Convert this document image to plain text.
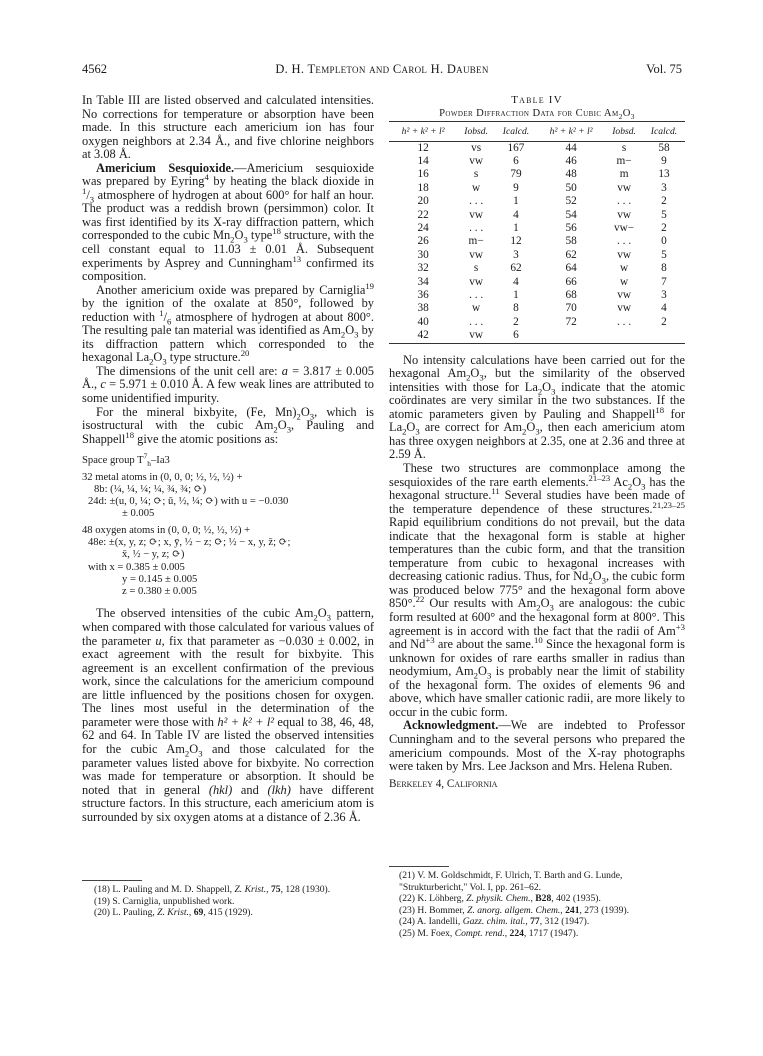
4562	D. H. Templeton and Carol H. Dauben	Vol. 75

In Table III are listed observed and calculated intensities. No corrections for temperature or absorption have been made. In this structure each americium ion has four oxygen neighbors at 2.34 Å., and five chlorine neighbors at 3.08 Å.

Americium Sesquioxide.—Americium sesquioxide was prepared by Eyring$^4$ by heating the black dioxide in $^1/_3$ atmosphere of hydrogen at about 600° for half an hour. The product was a reddish brown (persimmon) color. It was first identified by its X-ray diffraction pattern, which corresponded to the cubic $Mn_2O_3$ type$^{18}$ structure, with the cell constant equal to 11.03 ± 0.01 Å. Subsequent experiments by Asprey and Cunningham$^{13}$ confirmed its composition.

Another americium oxide was prepared by Carniglia$^{19}$ by the ignition of the oxalate at 850°, followed by reduction with $^1/_6$ atmosphere of hydrogen at about 800°. The resulting pale tan material was identified as $Am_2O_3$ by its diffraction pattern which corresponded to the hexagonal $La_2O_3$ type structure.$^{20}$

The dimensions of the unit cell are: a = 3.817 ± 0.005 Å., c = 5.971 ± 0.010 Å. A few weak lines are attributed to some unidentified impurity.

For the mineral bixbyite, (Fe, $Mn)_2O_3$, which is isostructural with the cubic $Am_2O_3$, Pauling and Shappell$^{18}$ give the atomic positions as:

Space group $T^7_h-Ia3$

32 metal atoms in (0, 0, 0; ½, ½, ½) +

8b: (¼, ¼, ¼; ¼, ¾, ¾; ⟳)

24d: ±(u, 0, ¼; ⟳; ū, ½, ¼; ⟳) with u = −0.030

± 0.005

48 oxygen atoms in (0, 0, 0; ½, ½, ½) +

48e: ±(x, y, z; ⟳; x, ȳ, ½ − z; ⟳; ½ − x, y, z̄; ⟳;

x̄, ½ − y, z; ⟳)

with x = 0.385 ± 0.005

y = 0.145 ± 0.005

z = 0.380 ± 0.005

The observed intensities of the cubic $Am_2O_3$ pattern, when compared with those calculated for various values of the parameter u, fix that parameter as −0.030 ± 0.002, in exact agreement with the result for bixbyite. This agreement is an excellent confirmation of the previous work, since the calculations for the americium compound are little influenced by the positions chosen for oxygen. The lines most useful in the determination of the parameter were those with h² + k² + l² equal to 38, 46, 48, 62 and 64. In Table IV are listed the observed intensities for the cubic $Am_2O_3$ and those calculated for the parameter values listed above for bixbyite. No correction was made for temperature or absorption. It should be noted that in general (hkl) and (lkh) have different structure factors. In this structure, each americium atom is surrounded by six oxygen atoms at a distance of 2.36 Å.

(18) L. Pauling and M. D. Shappell, Z. Krist., 75, 128 (1930).

(19) S. Carniglia, unpublished work.

(20) L. Pauling, Z. Krist., 69, 415 (1929).

Table IV
Powder Diffraction Data for Cubic $Am_2O_3$
h² + k² + l²	Iobsd.	Icalcd.	h² + k² + l²	Iobsd.	Icalcd.
12	vs	167	44	s	58
14	vw	6	46	m−	9
16	s	79	48	m	13
18	w	9	50	vw	3
20	. . .	1	52	. . .	2
22	vw	4	54	vw	5
24	. . .	1	56	vw−	2
26	m−	12	58	. . .	0
30	vw	3	62	vw	5
32	s	62	64	w	8
34	vw	4	66	w	7
36	. . .	1	68	vw	3
38	w	8	70	vw	4
40	. . .	2	72	. . .	2
42	vw	6			

No intensity calculations have been carried out for the hexagonal $Am_2O_3$, but the similarity of the observed intensities with those for $La_2O_3$ indicate that the atomic coördinates are very similar in the two substances. If the atomic parameters given by Pauling and Shappell$^{18}$ for $La_2O_3$ are correct for $Am_2O_3$, then each americium atom has three oxygen neighbors at 2.35, one at 2.36 and three at 2.59 Å.

These two structures are commonplace among the sesquioxides of the rare earth elements.$^{21-23}$ $Ac_2O_3$ has the hexagonal structure.$^{11}$ Several studies have been made of the temperature dependence of these structures.$^{21,23-25}$ Rapid equilibrium conditions do not prevail, but the data indicate that the hexagonal form is stable at higher temperatures than the cubic form, and that the transition temperature from cubic to hexagonal increases with decreasing cationic radius. Thus, for $Nd_2O_3$, the cubic form was produced below 775° and the hexagonal form above 850°.$^{22}$ Our results with $Am_2O_3$ are analogous: the cubic form resulted at 600° and the hexagonal form at 800°. This agreement is in accord with the fact that the radii of $Am^{+3}$ and $Nd^{+3}$ are about the same.$^{10}$ Since the hexagonal form is unknown for oxides of rare earths smaller in radius than neodymium, $Am_2O_3$ is probably near the limit of stability of the hexagonal form. The oxides of elements 96 and above, which have smaller cationic radii, are more likely to occur in the cubic form.

Acknowledgment.—We are indebted to Professor Cunningham and to the several persons who prepared the americium compounds. Most of the X-ray photographs were taken by Mrs. Lee Jackson and Mrs. Helena Ruben.

Berkeley 4, California

(21) V. M. Goldschmidt, F. Ulrich, T. Barth and G. Lunde, "Strukturbericht," Vol. I, pp. 261–62.

(22) K. Löhberg, Z. physik. Chem., B28, 402 (1935).

(23) H. Bommer, Z. anorg. allgem. Chem., 241, 273 (1939).

(24) A. Iandelli, Gazz. chim. ital., 77, 312 (1947).

(25) M. Foex, Compt. rend., 224, 1717 (1947).
